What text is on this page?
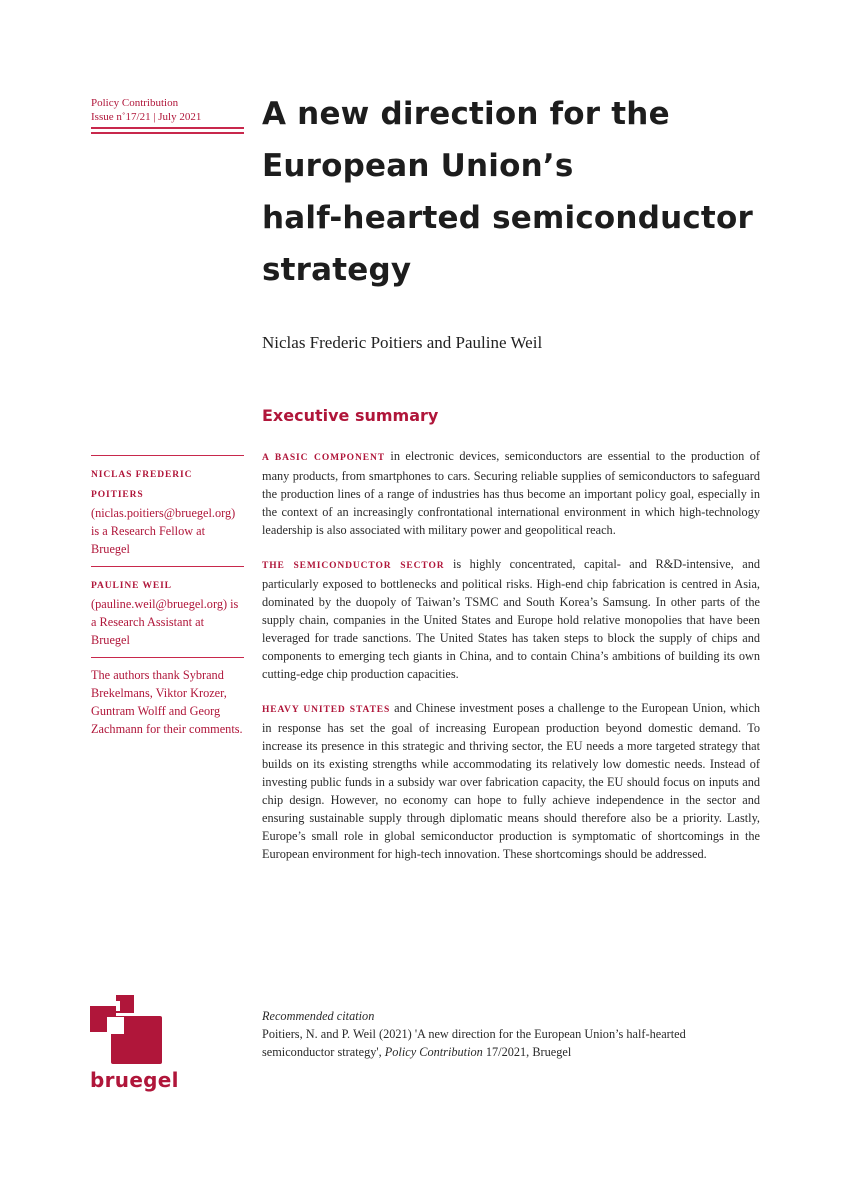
Policy Contribution
Issue n˚17/21 | July 2021	A new direction for the
European Union’s
half-hearted semiconductor
strategy
Niclas Frederic Poitiers and Pauline Weil
Executive summary
NICLAS FREDERIC POITIERS (niclas.poitiers@bruegel.org) is a Research Fellow at Bruegel
PAULINE WEIL (pauline.weil@bruegel.org) is a Research Assistant at Bruegel
The authors thank Sybrand Brekelmans, Viktor Krozer, Guntram Wolff and Georg Zachmann for their comments.

A BASIC COMPONENT in electronic devices, semiconductors are essential to the production of many products, from smartphones to cars. Securing reliable supplies of semiconductors to safeguard the production lines of a range of industries has thus become an important policy goal, especially in the context of an increasingly confrontational international environment in which high-technology leadership is also associated with military power and geopolitical reach.

THE SEMICONDUCTOR SECTOR is highly concentrated, capital- and R&D-intensive, and particularly exposed to bottlenecks and political risks. High-end chip fabrication is centred in Asia, dominated by the duopoly of Taiwan’s TSMC and South Korea’s Samsung. In other parts of the supply chain, companies in the United States and Europe hold relative monopolies that have been leveraged for trade sanctions. The United States has taken steps to block the supply of chips and components to emerging tech giants in China, and to contain China’s ambitions of building its own cutting-edge chip production capacities.

HEAVY UNITED STATES and Chinese investment poses a challenge to the European Union, which in response has set the goal of increasing European production beyond domestic demand. To increase its presence in this strategic and thriving sector, the EU needs a more targeted strategy that builds on its existing strengths while accommodating its relatively low domestic needs. Instead of investing public funds in a subsidy war over fabrication capacity, the EU should focus on inputs and chip design. However, no economy can hope to fully achieve independence in the sector and ensuring sustainable supply through diplomatic means should therefore also be a priority. Lastly, Europe’s small role in global semiconductor production is symptomatic of shortcomings in the European environment for high-tech innovation. These shortcomings should be addressed.

Recommended citation
Poitiers, N. and P. Weil (2021) 'A new direction for the European Union’s half-hearted semiconductor strategy', Policy Contribution 17/2021, Bruegel
bruegel
